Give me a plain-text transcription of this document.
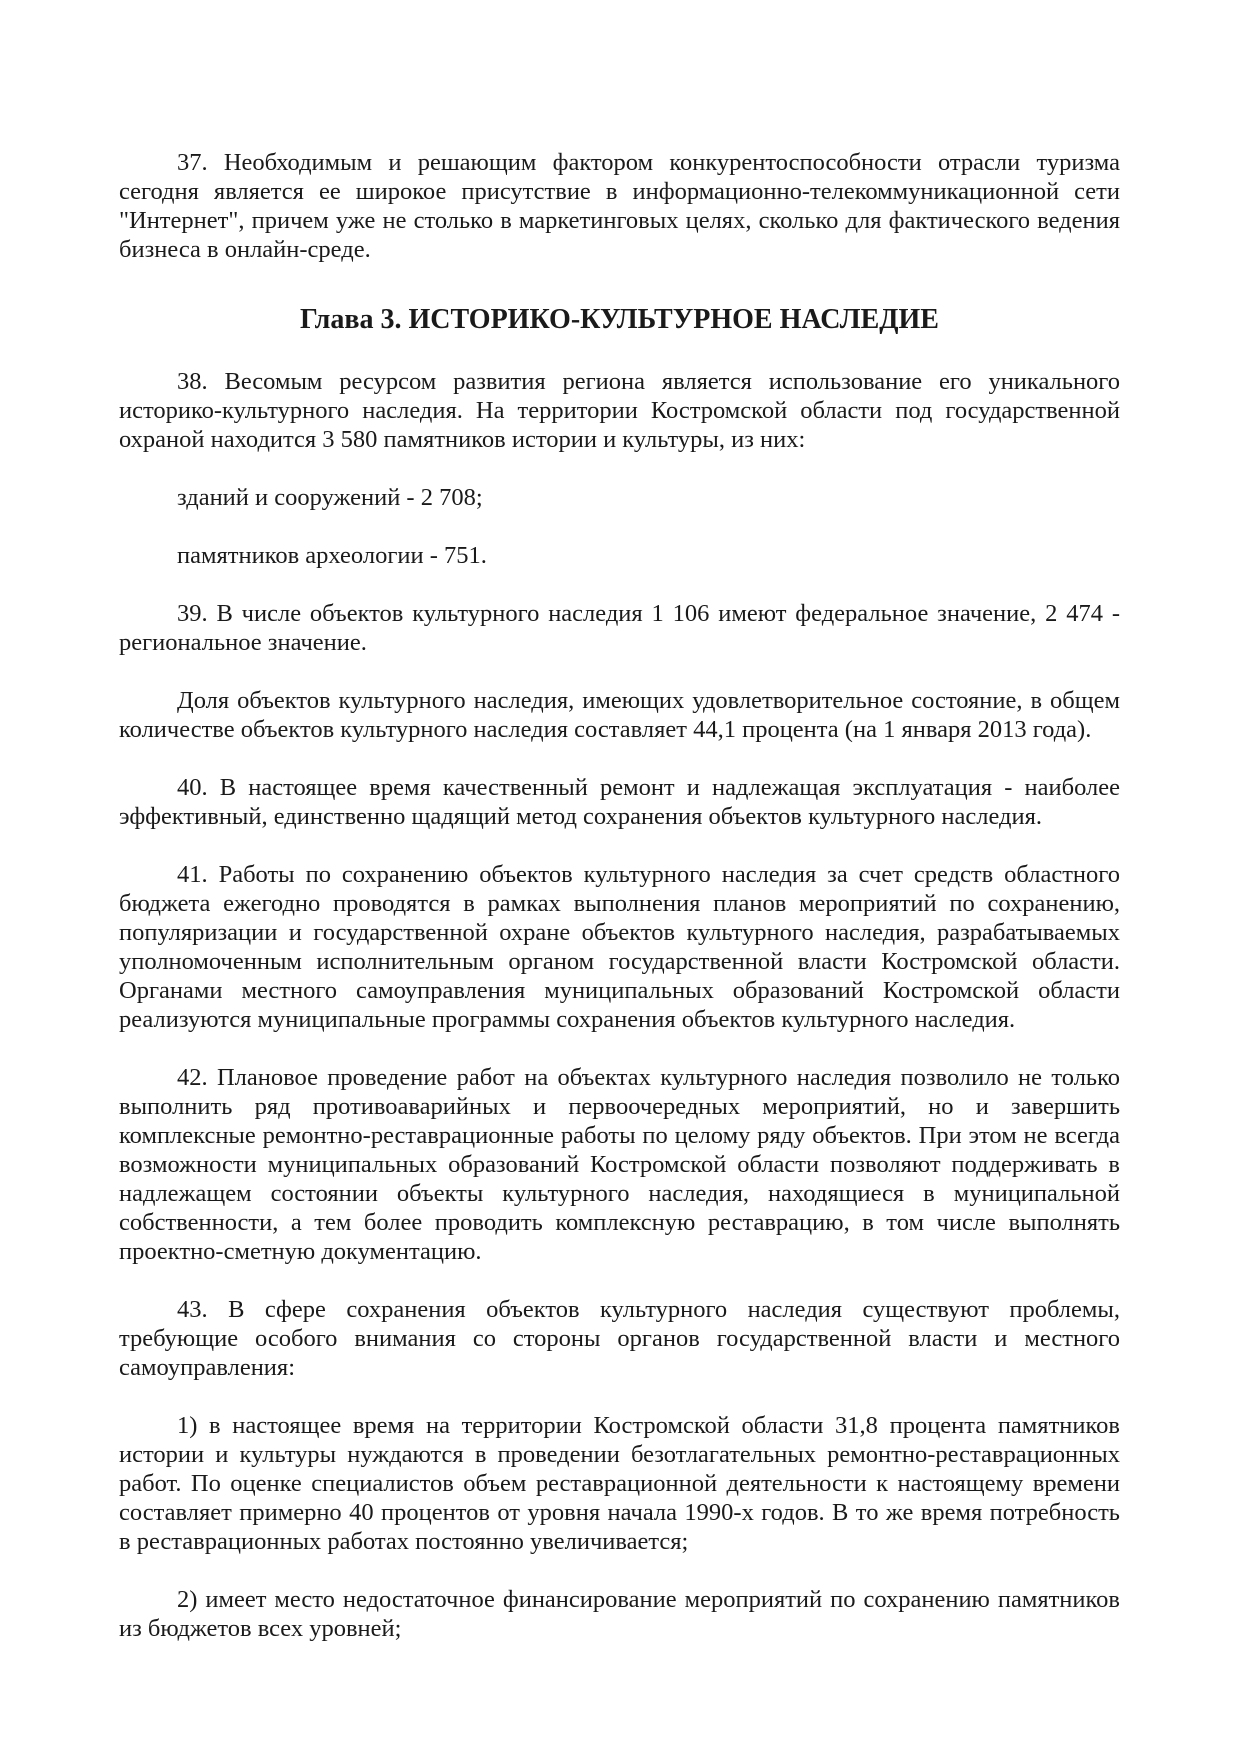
37. Необходимым и решающим фактором конкурентоспособности отрасли туризма сегодня является ее широкое присутствие в информационно-телекоммуникационной сети "Интернет", причем уже не столько в маркетинговых целях, сколько для фактического ведения бизнеса в онлайн-среде.

Глава 3. ИСТОРИКО-КУЛЬТУРНОЕ НАСЛЕДИЕ

38. Весомым ресурсом развития региона является использование его уникального историко-культурного наследия. На территории Костромской области под государственной охраной находится 3 580 памятников истории и культуры, из них:

зданий и сооружений - 2 708;

памятников археологии - 751.

39. В числе объектов культурного наследия 1 106 имеют федеральное значение, 2 474 - региональное значение.

Доля объектов культурного наследия, имеющих удовлетворительное состояние, в общем количестве объектов культурного наследия составляет 44,1 процента (на 1 января 2013 года).

40. В настоящее время качественный ремонт и надлежащая эксплуатация - наиболее эффективный, единственно щадящий метод сохранения объектов культурного наследия.

41. Работы по сохранению объектов культурного наследия за счет средств областного бюджета ежегодно проводятся в рамках выполнения планов мероприятий по сохранению, популяризации и государственной охране объектов культурного наследия, разрабатываемых уполномоченным исполнительным органом государственной власти Костромской области. Органами местного самоуправления муниципальных образований Костромской области реализуются муниципальные программы сохранения объектов культурного наследия.

42. Плановое проведение работ на объектах культурного наследия позволило не только выполнить ряд противоаварийных и первоочередных мероприятий, но и завершить комплексные ремонтно-реставрационные работы по целому ряду объектов. При этом не всегда возможности муниципальных образований Костромской области позволяют поддерживать в надлежащем состоянии объекты культурного наследия, находящиеся в муниципальной собственности, а тем более проводить комплексную реставрацию, в том числе выполнять проектно-сметную документацию.

43. В сфере сохранения объектов культурного наследия существуют проблемы, требующие особого внимания со стороны органов государственной власти и местного самоуправления:

1) в настоящее время на территории Костромской области 31,8 процента памятников истории и культуры нуждаются в проведении безотлагательных ремонтно-реставрационных работ. По оценке специалистов объем реставрационной деятельности к настоящему времени составляет примерно 40 процентов от уровня начала 1990-х годов. В то же время потребность в реставрационных работах постоянно увеличивается;

2) имеет место недостаточное финансирование мероприятий по сохранению памятников из бюджетов всех уровней;
